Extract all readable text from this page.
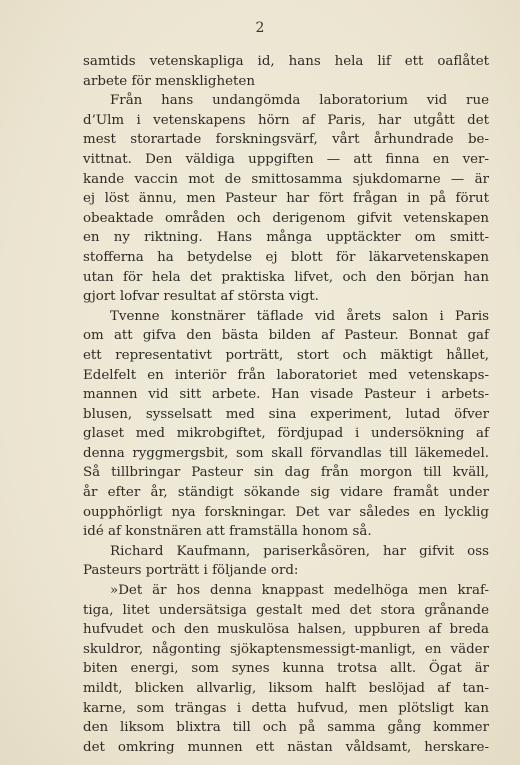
2
samtids vetenskapliga id, hans hela lif ett oaflåtet
arbete för menskligheten
Från hans undangömda laboratorium vid rue
d’Ulm i vetenskapens hörn af Paris, har utgått det
mest storartade forskningsvärf, vårt århundrade be-
vittnat. Den väldiga uppgiften — att finna en ver-
kande vaccin mot de smittosamma sjukdomarne — är
ej löst ännu, men Pasteur har fört frågan in på förut
obeaktade områden och derigenom gifvit vetenskapen
en ny riktning. Hans många upptäckter om smitt-
stofferna ha betydelse ej blott för läkarvetenskapen
utan för hela det praktiska lifvet, och den början han
gjort lofvar resultat af största vigt.
Tvenne konstnärer täflade vid årets salon i Paris
om att gifva den bästa bilden af Pasteur. Bonnat gaf
ett representativt porträtt, stort och mäktigt hållet,
Edelfelt en interiör från laboratoriet med vetenskaps-
mannen vid sitt arbete. Han visade Pasteur i arbets-
blusen, sysselsatt med sina experiment, lutad öfver
glaset med mikrobgiftet, fördjupad i undersökning af
denna ryggmergsbit, som skall förvandlas till läkemedel.
Så tillbringar Pasteur sin dag från morgon till kväll,
år efter år, ständigt sökande sig vidare framåt under
oupphörligt nya forskningar. Det var således en lycklig
idé af konstnären att framställa honom så.
Richard Kaufmann, pariserkåsören, har gifvit oss
Pasteurs porträtt i följande ord:
»Det är hos denna knappast medelhöga men kraf-
tiga, litet undersätsiga gestalt med det stora grånande
hufvudet och den muskulösa halsen, uppburen af breda
skuldror, någonting sjökaptensmessigt-manligt, en väder
biten energi, som synes kunna trotsa allt. Ögat är
mildt, blicken allvarlig, liksom halft beslöjad af tan-
karne, som trängas i detta hufvud, men plötsligt kan
den liksom blixtra till och på samma gång kommer
det omkring munnen ett nästan våldsamt, herskare-
